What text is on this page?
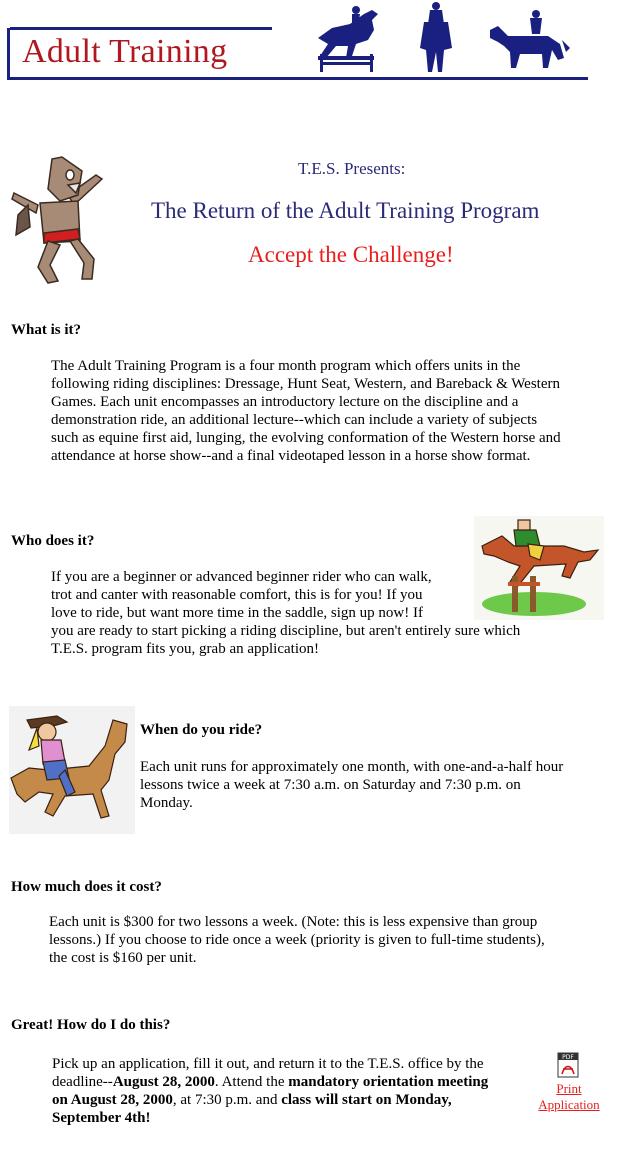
Adult Training
T.E.S. Presents:
The Return of the Adult Training Program
Accept the Challenge!
What is it?
The Adult Training Program is a four month program which offers units in the following riding disciplines: Dressage, Hunt Seat, Western, and Bareback & Western Games. Each unit encompasses an introductory lecture on the discipline and a demonstration ride, an additional lecture--which can include a variety of subjects such as equine first aid, lunging, the evolving conformation of the Western horse and attendance at horse show--and a final videotaped lesson in a horse show format.
Who does it?
If you are a beginner or advanced beginner rider who can walk,
trot and canter with reasonable comfort, this is for you! If you
love to ride, but want more time in the saddle, sign up now! If
you are ready to start picking a riding discipline, but aren't entirely sure which
T.E.S. program fits you, grab an application!
When do you ride?
Each unit runs for approximately one month, with one-and-a-half hour lessons twice a week at 7:30 a.m. on Saturday and 7:30 p.m. on Monday.
How much does it cost?
Each unit is $300 for two lessons a week. (Note: this is less expensive than group lessons.) If you choose to ride once a week (priority is given to full-time students), the cost is $160 per unit.
Great! How do I do this?
Pick up an application, fill it out, and return it to the T.E.S. office by the deadline--August 28, 2000. Attend the mandatory orientation meeting on August 28, 2000, at 7:30 p.m. and class will start on Monday, September 4th!
PDF
Print
Application
